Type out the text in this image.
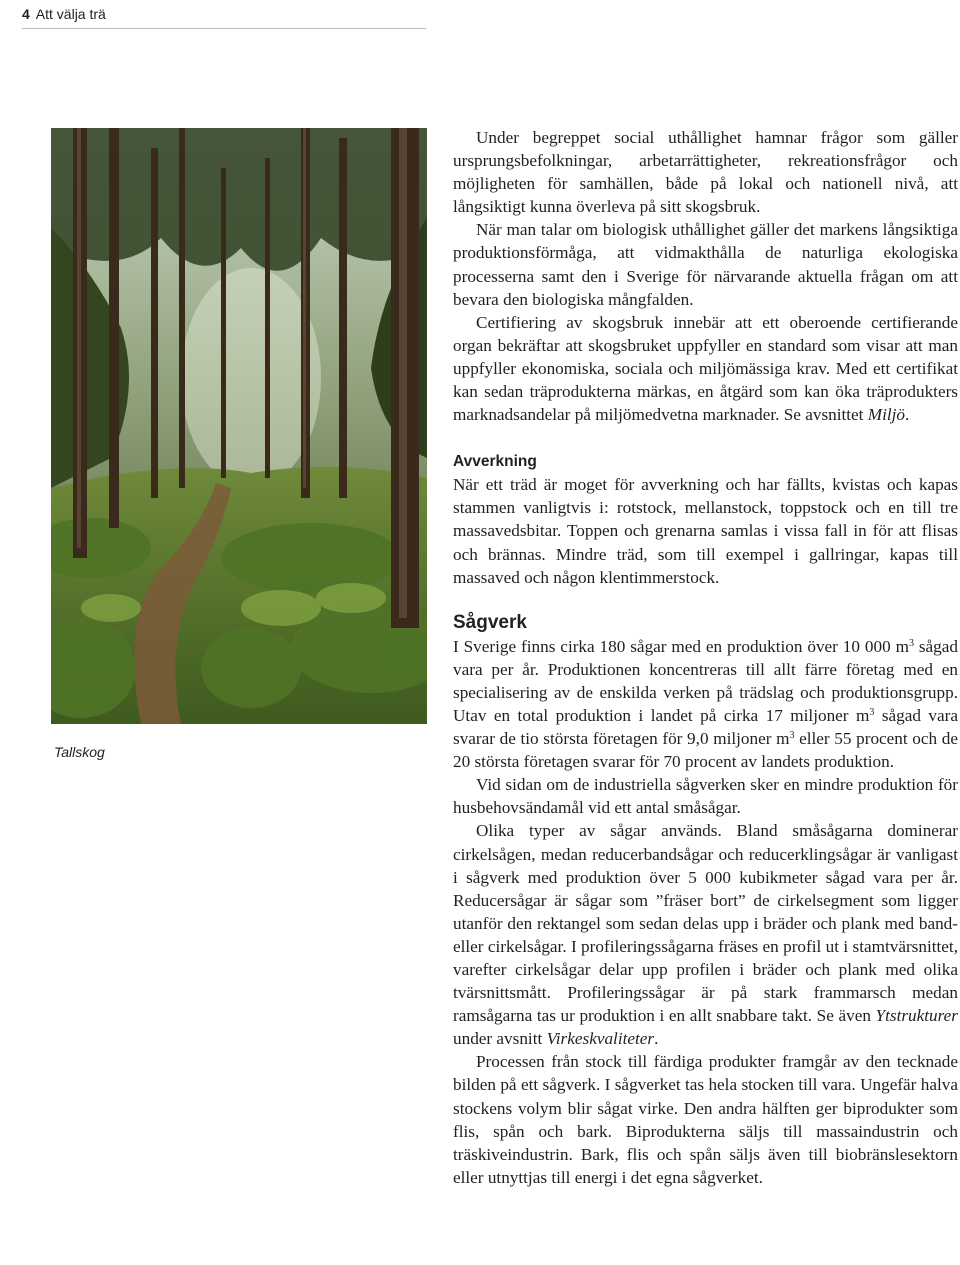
4 Att välja trä
Tallskog

Under begreppet social uthållighet hamnar frågor som gäller ursprungsbefolkningar, arbetarrättigheter, rekreationsfrågor och möjligheten för samhällen, både på lokal och nationell nivå, att långsiktigt kunna överleva på sitt skogsbruk.

När man talar om biologisk uthållighet gäller det markens långsiktiga produktionsförmåga, att vidmakthålla de naturliga ekologiska processerna samt den i Sverige för närvarande aktuella frågan om att bevara den biologiska mångfalden.

Certifiering av skogsbruk innebär att ett oberoende certifierande organ bekräftar att skogsbruket uppfyller en standard som visar att man uppfyller ekonomiska, sociala och miljömässiga krav. Med ett certifikat kan sedan träprodukterna märkas, en åtgärd som kan öka träprodukters marknadsandelar på miljömedvetna marknader. Se avsnittet Miljö.

Avverkning

När ett träd är moget för avverkning och har fällts, kvistas och kapas stammen vanligtvis i: rotstock, mellanstock, toppstock och en till tre massavedsbitar. Toppen och grenarna samlas i vissa fall in för att flisas och brännas. Mindre träd, som till exempel i gallringar, kapas till massaved och någon klentimmerstock.

Sågverk

I Sverige finns cirka 180 sågar med en produktion över 10 000 $m^3$ sågad vara per år. Produktionen koncentreras till allt färre företag med en specialisering av de enskilda verken på trädslag och produktionsgrupp. Utav en total produktion i landet på cirka 17 miljoner $m^3$ sågad vara svarar de tio största företagen för 9,0 miljoner $m^3$ eller 55 procent och de 20 största företagen svarar för 70 procent av landets produktion.

Vid sidan om de industriella sågverken sker en mindre produktion för husbehovsändamål vid ett antal småsågar.

Olika typer av sågar används. Bland småsågarna dominerar cirkelsågen, medan reducerbandsågar och reducerklingsågar är vanligast i sågverk med produktion över 5 000 kubikmeter sågad vara per år. Reducersågar är sågar som ”fräser bort” de cirkelsegment som ligger utanför den rektangel som sedan delas upp i bräder och plank med band- eller cirkelsågar. I profileringssågarna fräses en profil ut i stamtvärsnittet, varefter cirkelsågar delar upp profilen i bräder och plank med olika tvärsnittsmått. Profileringssågar är på stark frammarsch medan ramsågarna tas ur produktion i en allt snabbare takt. Se även Ytstrukturer under avsnitt Virkeskvaliteter.

Processen från stock till färdiga produkter framgår av den tecknade bilden på ett sågverk. I sågverket tas hela stocken till vara. Ungefär halva stockens volym blir sågat virke. Den andra hälften ger biprodukter som flis, spån och bark. Biprodukterna säljs till massaindustrin och träskiveindustrin. Bark, flis och spån säljs även till biobränslesektorn eller utnyttjas till energi i det egna sågverket.
